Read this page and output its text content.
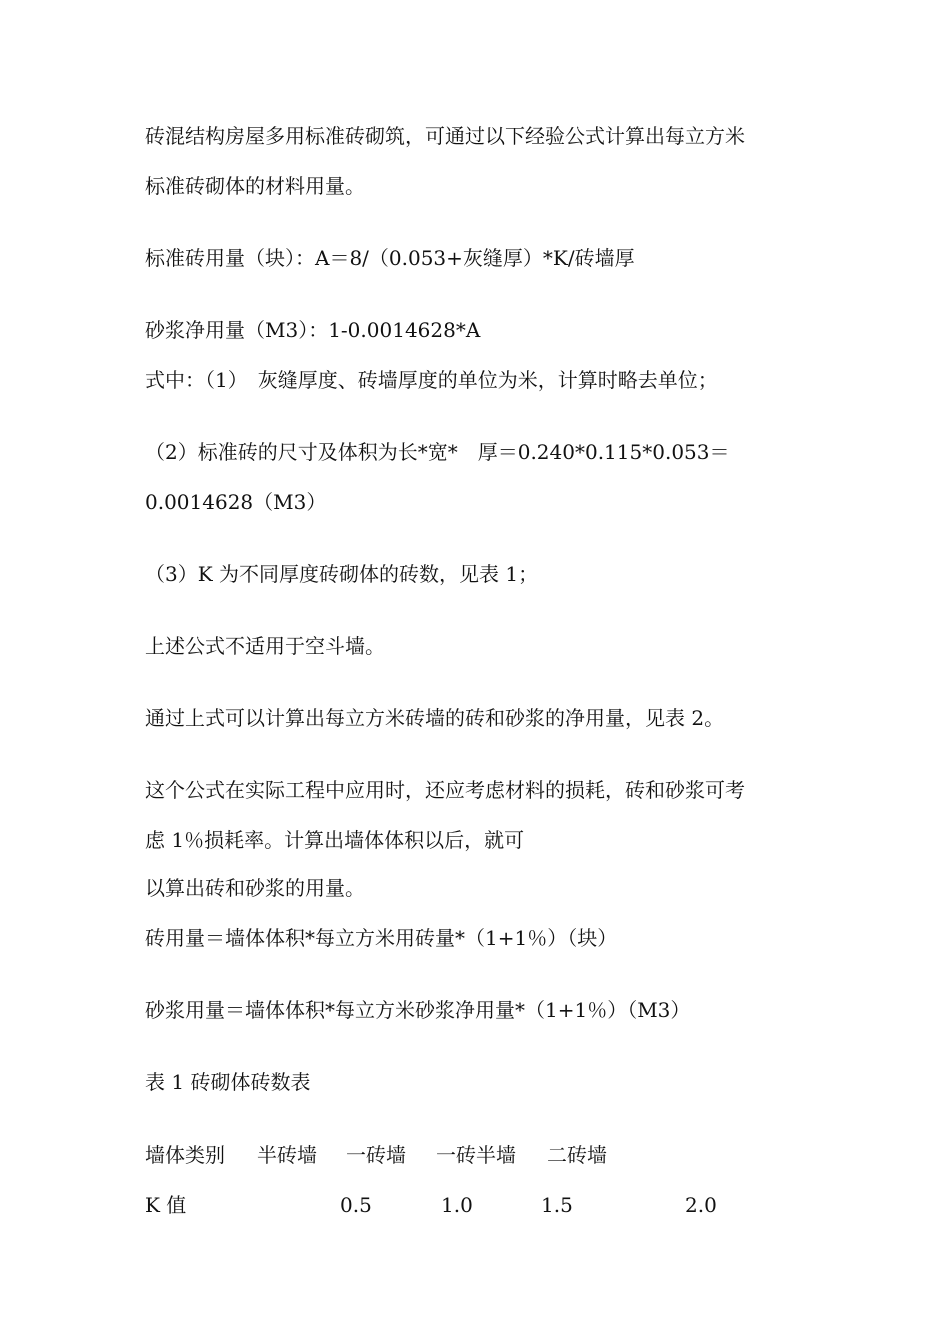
砖混结构房屋多用标准砖砌筑，可通过以下经验公式计算出每立方米

标准砖砌体的材料用量。

标准砖用量（块）：A＝8/（0.053+灰缝厚）*K/砖墙厚

砂浆净用量（M3）：1-0.0014628*A

式中：（1）　灰缝厚度、砖墙厚度的单位为米，计算时略去单位；

（2）标准砖的尺寸及体积为长*宽*　厚＝0.240*0.115*0.053＝

0.0014628（M3）

（3）K 为不同厚度砖砌体的砖数，见表 1；

上述公式不适用于空斗墙。

通过上式可以计算出每立方米砖墙的砖和砂浆的净用量，见表 2。

这个公式在实际工程中应用时，还应考虑材料的损耗，砖和砂浆可考

虑 1％损耗率。计算出墙体体积以后，就可

以算出砖和砂浆的用量。

砖用量＝墙体体积*每立方米用砖量*（1+1％）（块）

砂浆用量＝墙体体积*每立方米砂浆净用量*（1+1％）（M3）

表 1 砖砌体砖数表

墙体类别 半砖墙 一砖墙 一砖半墙 二砖墙
K 值	0.5	1.0	1.5	2.0
